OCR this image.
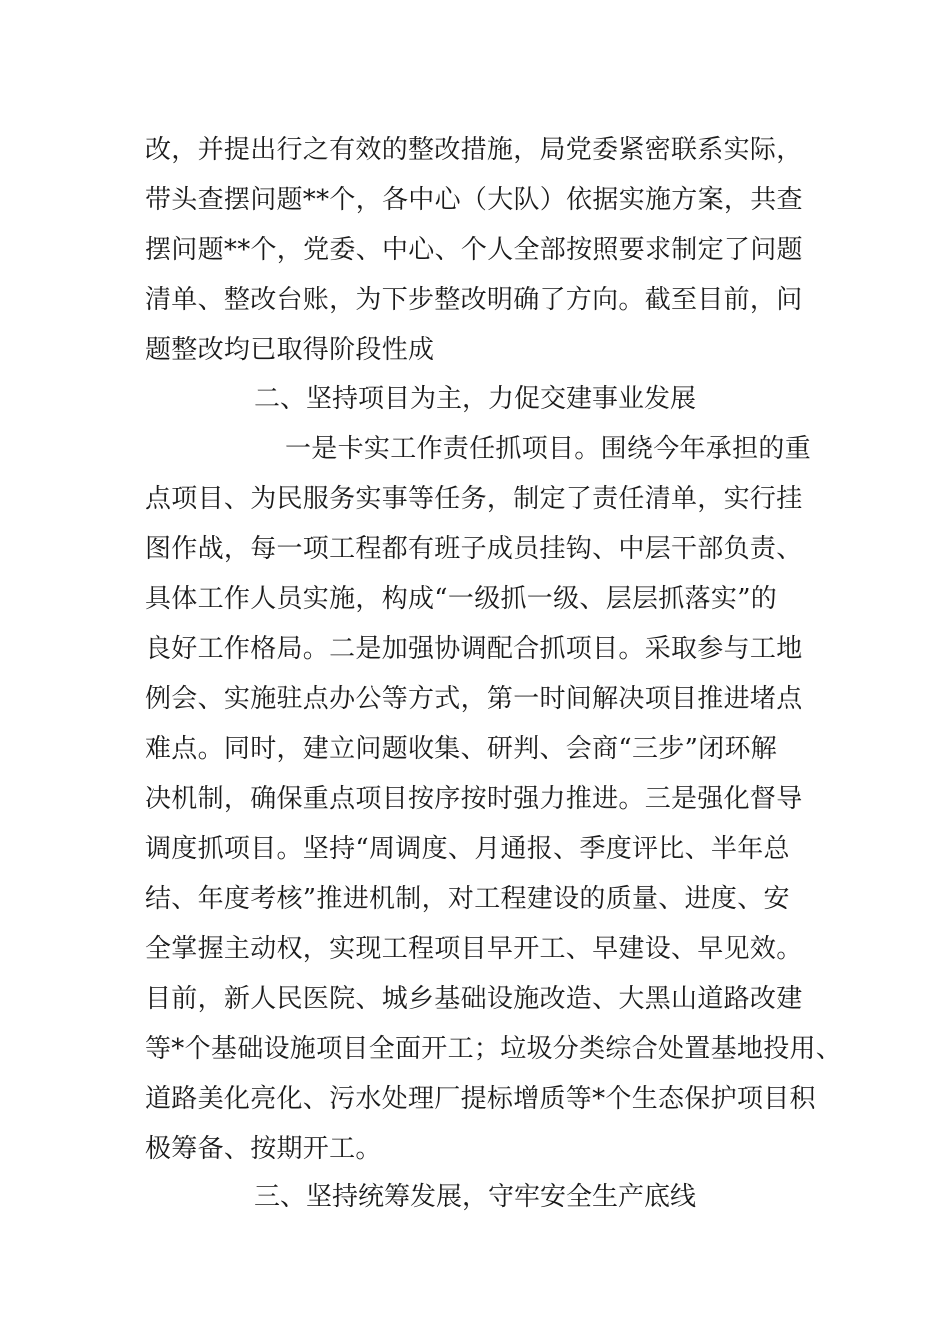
改，并提出行之有效的整改措施，局党委紧密联系实际，
带头查摆问题**个，各中心（大队）依据实施方案，共查
摆问题**个，党委、中心、个人全部按照要求制定了问题
清单、整改台账，为下步整改明确了方向。截至目前，问
题整改均已取得阶段性成
二、坚持项目为主，力促交建事业发展
一是卡实工作责任抓项目。围绕今年承担的重
点项目、为民服务实事等任务，制定了责任清单，实行挂
图作战，每一项工程都有班子成员挂钩、中层干部负责、
具体工作人员实施，构成“一级抓一级、层层抓落实”的
良好工作格局。二是加强协调配合抓项目。采取参与工地
例会、实施驻点办公等方式，第一时间解决项目推进堵点
难点。同时，建立问题收集、研判、会商“三步”闭环解
决机制，确保重点项目按序按时强力推进。三是强化督导
调度抓项目。坚持“周调度、月通报、季度评比、半年总
结、年度考核”推进机制，对工程建设的质量、进度、安
全掌握主动权，实现工程项目早开工、早建设、早见效。
目前，新人民医院、城乡基础设施改造、大黑山道路改建
等*个基础设施项目全面开工；垃圾分类综合处置基地投用、
道路美化亮化、污水处理厂提标增质等*个生态保护项目积
极筹备、按期开工。
三、坚持统筹发展，守牢安全生产底线
